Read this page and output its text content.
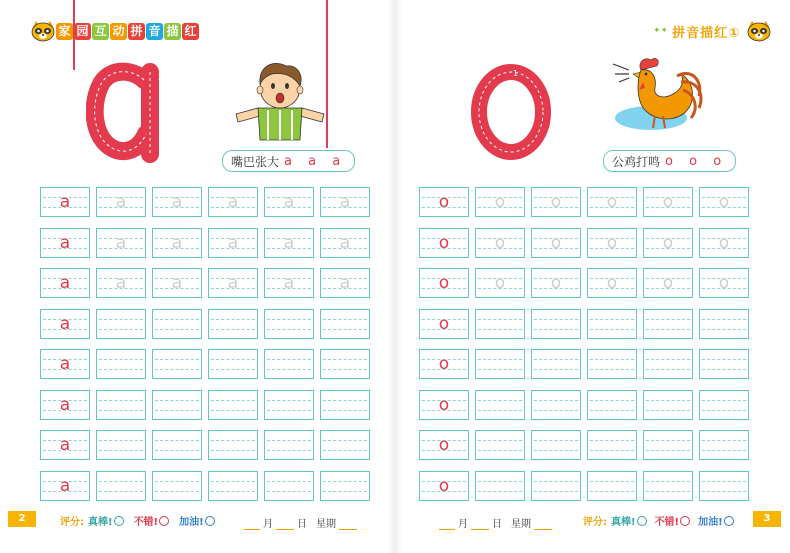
家 园 互 动 拼 音 描 红
2
嘴巴张大 a a a
a	a	a	a	a	a
a	a	a	a	a	a
a	a	a	a	a	a
a
a
a
a
a
2	评分: 真棒!	不错!	加油!	月 日 星期
✦✦ 拼音描红①
1
公鸡打鸣 o o o
o	o	o	o	o	o
o	o	o	o	o	o
o	o	o	o	o	o
o
o
o
o
o
月 日 星期	评分: 真棒!	不错!	加油!	3
